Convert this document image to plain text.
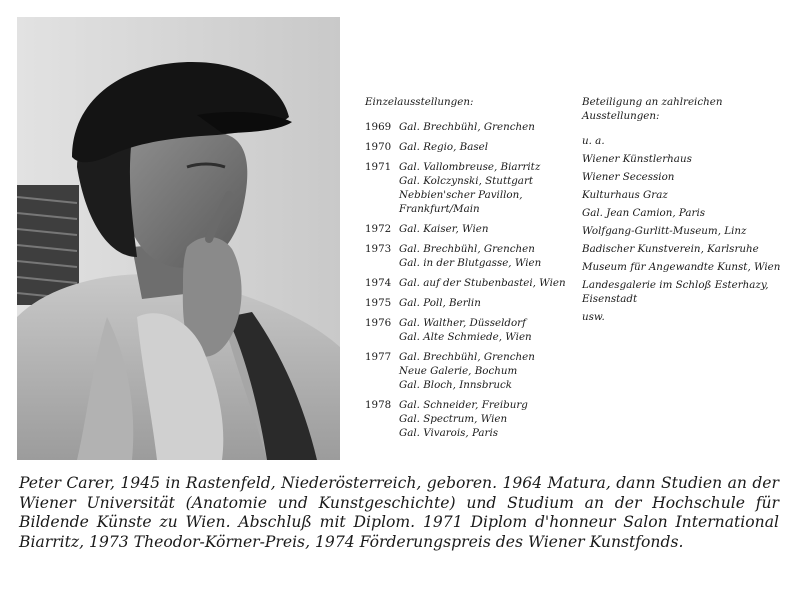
Einzelausstellungen:
1969 Gal. Brechbühl, Grenchen
1970 Gal. Regio, Basel
1971 Gal. Vallombreuse, Biarritz
Gal. Kolczynski, Stuttgart
Nebbien'scher Pavillon,
Frankfurt/Main
1972 Gal. Kaiser, Wien
1973 Gal. Brechbühl, Grenchen
Gal. in der Blutgasse, Wien
1974 Gal. auf der Stubenbastei, Wien
1975 Gal. Poll, Berlin
1976 Gal. Walther, Düsseldorf
Gal. Alte Schmiede, Wien
1977 Gal. Brechbühl, Grenchen
Neue Galerie, Bochum
Gal. Bloch, Innsbruck
1978 Gal. Schneider, Freiburg
Gal. Spectrum, Wien
Gal. Vivarois, Paris
Beteiligung an zahlreichen Ausstellungen:
u. a.
Wiener Künstlerhaus
Wiener Secession
Kulturhaus Graz
Gal. Jean Camion, Paris
Wolfgang-Gurlitt-Museum, Linz
Badischer Kunstverein, Karlsruhe
Museum für Angewandte Kunst, Wien
Landesgalerie im Schloß Esterhazy, Eisenstadt
usw.
Peter Carer, 1945 in Rastenfeld, Niederösterreich, geboren. 1964 Matura, dann Studien an der Wiener Universität (Anatomie und Kunstgeschichte) und Studium an der Hochschule für Bildende Künste zu Wien. Abschluß mit Diplom. 1971 Diplom d'honneur Salon International Biarritz, 1973 Theodor-Körner-Preis, 1974 Förderungspreis des Wiener Kunstfonds.
